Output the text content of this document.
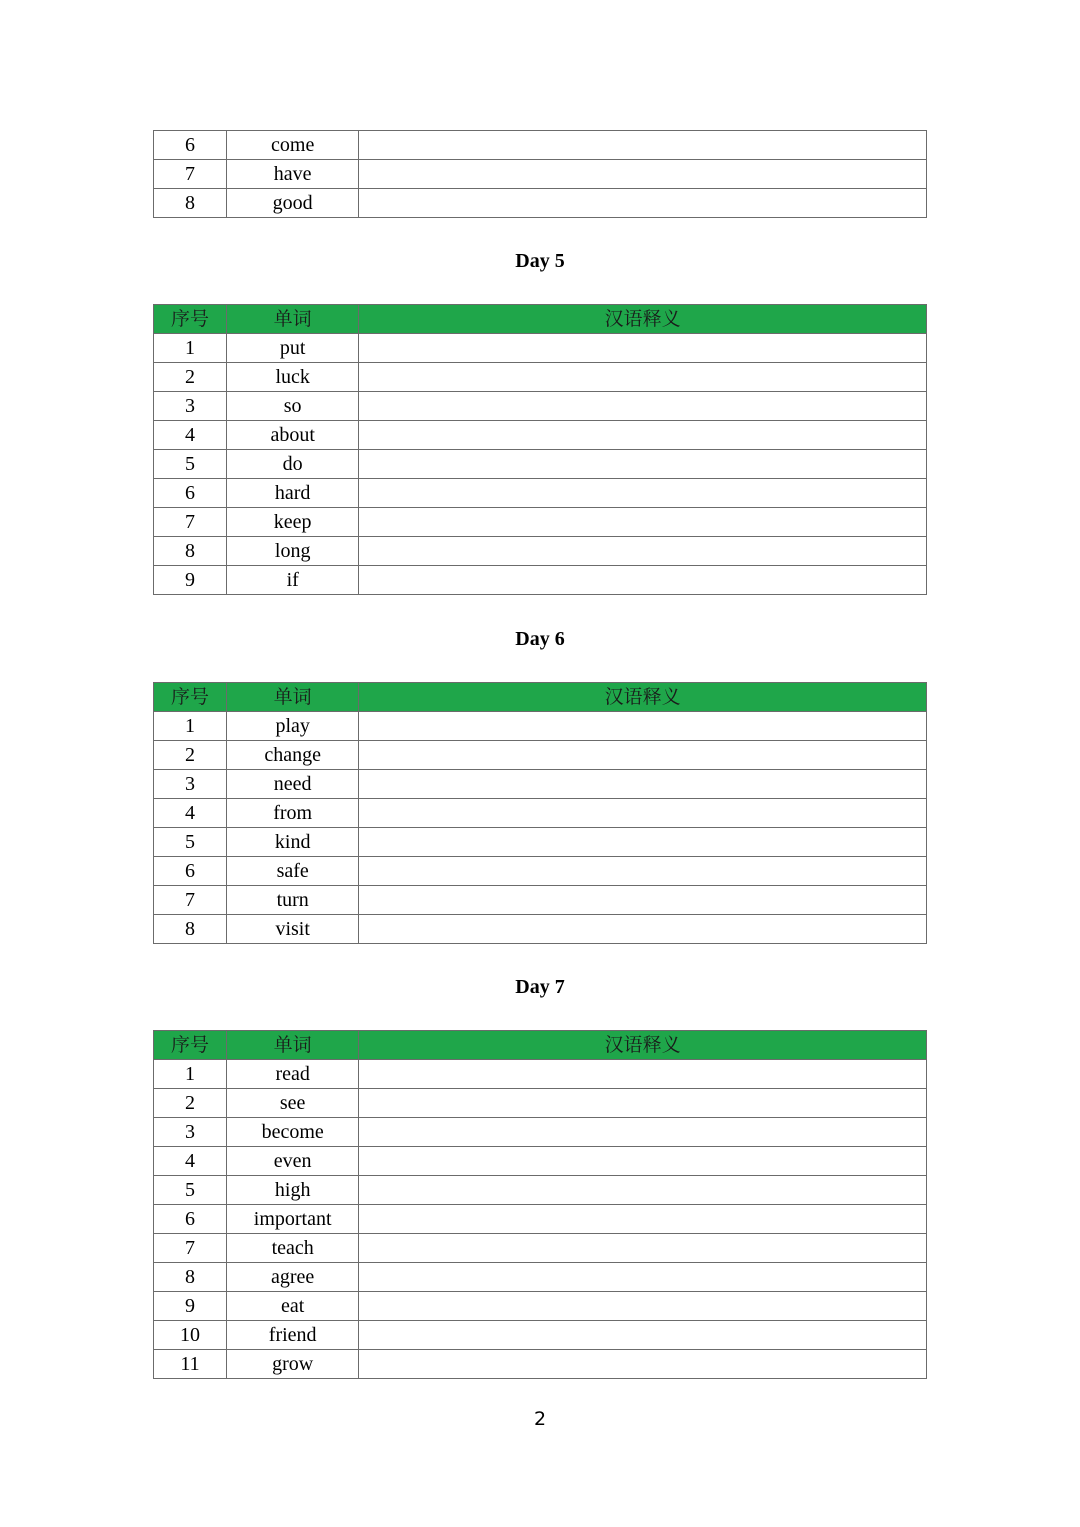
6	come	
7	have	
8	good	
Day 5
序号	单词	汉语释义
1	put	
2	luck	
3	so	
4	about	
5	do	
6	hard	
7	keep	
8	long	
9	if	
Day 6
序号	单词	汉语释义
1	play	
2	change	
3	need	
4	from	
5	kind	
6	safe	
7	turn	
8	visit	
Day 7
序号	单词	汉语释义
1	read	
2	see	
3	become	
4	even	
5	high	
6	important	
7	teach	
8	agree	
9	eat	
10	friend	
11	grow	
2
